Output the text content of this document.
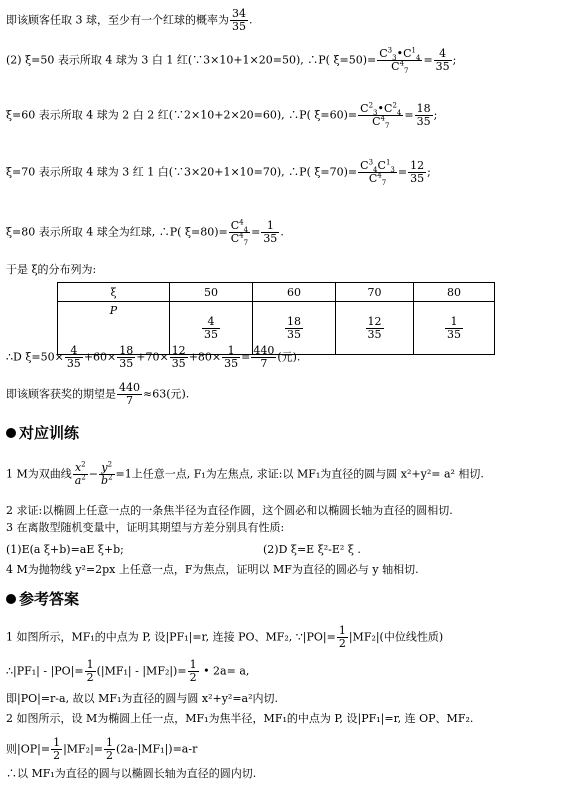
即该顾客任取 3 球，至少有一个红球的概率为 $\frac{34}{35}$ .
(2) ξ=50 表示所取 4 球为 3 白 1 红(∵3×10+1×20=50), ∴P( $\xi=50)= \frac{C^3_3•C^1_4}{C^4_7} = \frac{4}{35}$ ;
ξ=60 表示所取 4 球为 2 白 2 红(∵2×10+2×20=60), ∴P( $\xi=60)= \frac{C^2_3•C^2_4}{C^4_7} = \frac{18}{35}$ ;
ξ=70 表示所取 4 球为 3 红 1 白(∵3×20+1×10=70), ∴P( $\xi=70)= \frac{C^3_4C^1_3}{C^4_7} = \frac{12}{35}$ ;
ξ=80 表示所取 4 球全为红球, ∴P( $\xi=80)= \frac{C^4_4}{C^4_7} = \frac{1}{35}$ .
于是 ξ的分布列为:
ξ	50	60	70	80
P	$\frac{4}{35}$	$\frac{18}{35}$	$\frac{12}{35}$	$\frac{1}{35}$
∴D $\xi=50\times \frac{4}{35} +60\times \frac{18}{35} +70\times \frac{12}{35} +80\times \frac{1}{35} = \frac{440}{7}$ (元).
即该顾客获奖的期望是 $\frac{440}{7} \approx 63$(元).
对应训练
1 M为双曲线 $\frac{x^2}{a^2} - \frac{y^2}{b^2} =1$上任意一点, F₁为左焦点, 求证:以 MF₁为直径的圆与圆 x²+y²= a² 相切.
2 求证:以椭圆上任意一点的一条焦半径为直径作圆，这个圆必和以椭圆长轴为直径的圆相切.
3 在离散型随机变量中，证明其期望与方差分别具有性质:
(1)E(a ξ+b)=aE ξ+b;	(2)D ξ=E ξ²-E² ξ .
4 M为抛物线 y²=2px 上任意一点，F为焦点，证明以 MF为直径的圆必与 y 轴相切.
参考答案
1 如图所示，MF₁的中点为 P, 设|PF₁|=r, 连接 PO、MF₂, ∵|PO|= $\frac{1}{2} |MF_2|$(中位线性质)
∴|PF₁| - $|PO|= \frac{1}{2} (|MF_1| - |MF_2|)= \frac{1}{2}$ • 2a= a,
即|PO|=r-a, 故以 MF₁为直径的圆与圆 x²+y²=a²内切.
2 如图所示，设 M为椭圆上任一点，MF₁为焦半径，MF₁的中点为 P, 设|PF₁|=r, 连 OP、MF₂.
则$|OP|= \frac{1}{2} |MF_2|= \frac{1}{2} (2a-|MF_1|)=a-r$
∴以 MF₁为直径的圆与以椭圆长轴为直径的圆内切.
